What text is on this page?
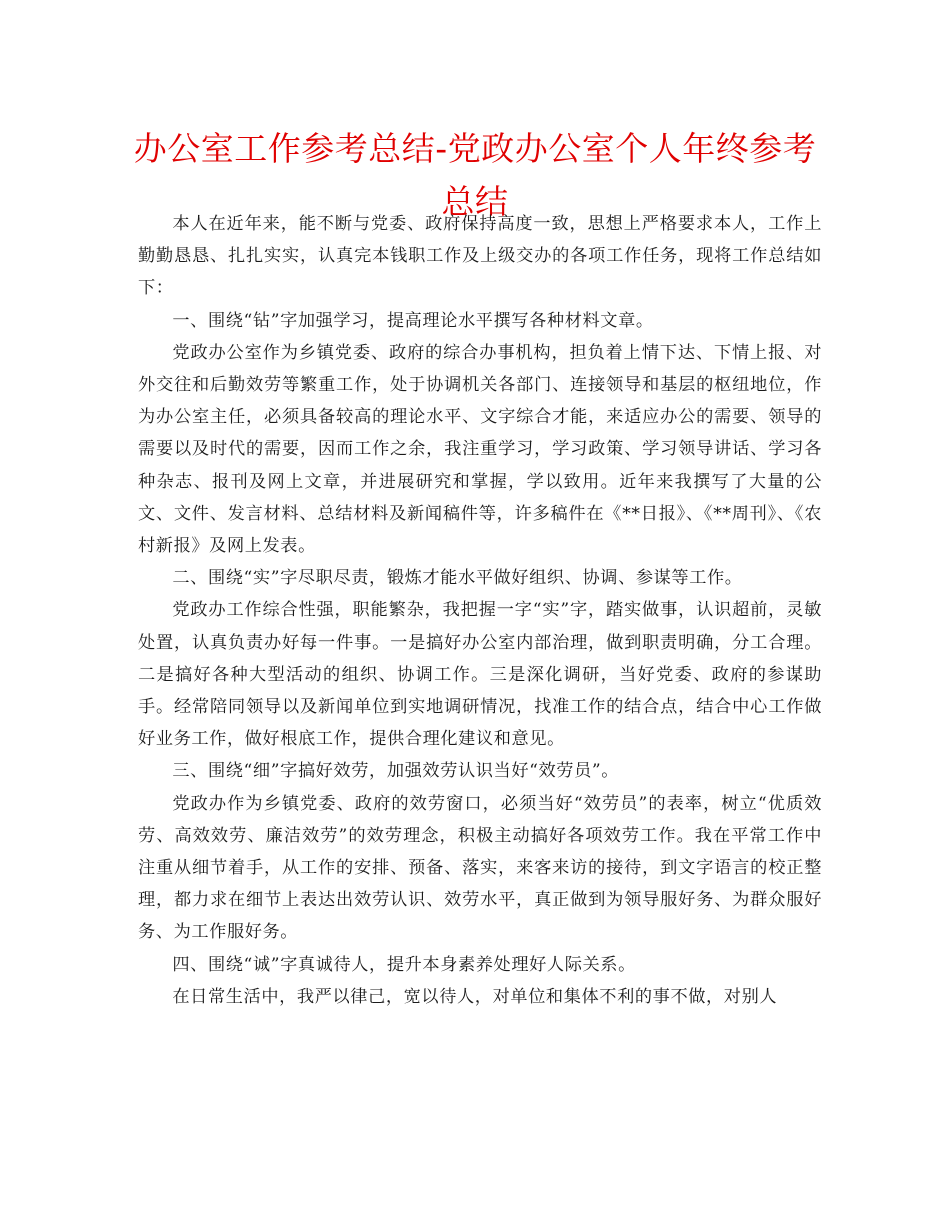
办公室工作参考总结-党政办公室个人年终参考总结

本人在近年来，能不断与党委、政府保持高度一致，思想上严格要求本人，工作上勤勤恳恳、扎扎实实，认真完本钱职工作及上级交办的各项工作任务，现将工作总结如下：

一、围绕“钻”字加强学习，提高理论水平撰写各种材料文章。

党政办公室作为乡镇党委、政府的综合办事机构，担负着上情下达、下情上报、对外交往和后勤效劳等繁重工作，处于协调机关各部门、连接领导和基层的枢纽地位，作为办公室主任，必须具备较高的理论水平、文字综合才能，来适应办公的需要、领导的需要以及时代的需要，因而工作之余，我注重学习，学习政策、学习领导讲话、学习各种杂志、报刊及网上文章，并进展研究和掌握，学以致用。近年来我撰写了大量的公文、文件、发言材料、总结材料及新闻稿件等，许多稿件在《**日报》、《**周刊》、《农村新报》及网上发表。

二、围绕“实”字尽职尽责，锻炼才能水平做好组织、协调、参谋等工作。

党政办工作综合性强，职能繁杂，我把握一字“实”字，踏实做事，认识超前，灵敏处置，认真负责办好每一件事。一是搞好办公室内部治理，做到职责明确，分工合理。二是搞好各种大型活动的组织、协调工作。三是深化调研，当好党委、政府的参谋助手。经常陪同领导以及新闻单位到实地调研情况，找准工作的结合点，结合中心工作做好业务工作，做好根底工作，提供合理化建议和意见。

三、围绕“细”字搞好效劳，加强效劳认识当好“效劳员”。

党政办作为乡镇党委、政府的效劳窗口，必须当好“效劳员”的表率，树立“优质效劳、高效效劳、廉洁效劳”的效劳理念，积极主动搞好各项效劳工作。我在平常工作中注重从细节着手，从工作的安排、预备、落实，来客来访的接待，到文字语言的校正整理，都力求在细节上表达出效劳认识、效劳水平，真正做到为领导服好务、为群众服好务、为工作服好务。

四、围绕“诚”字真诚待人，提升本身素养处理好人际关系。

在日常生活中，我严以律己，宽以待人，对单位和集体不利的事不做，对别人
